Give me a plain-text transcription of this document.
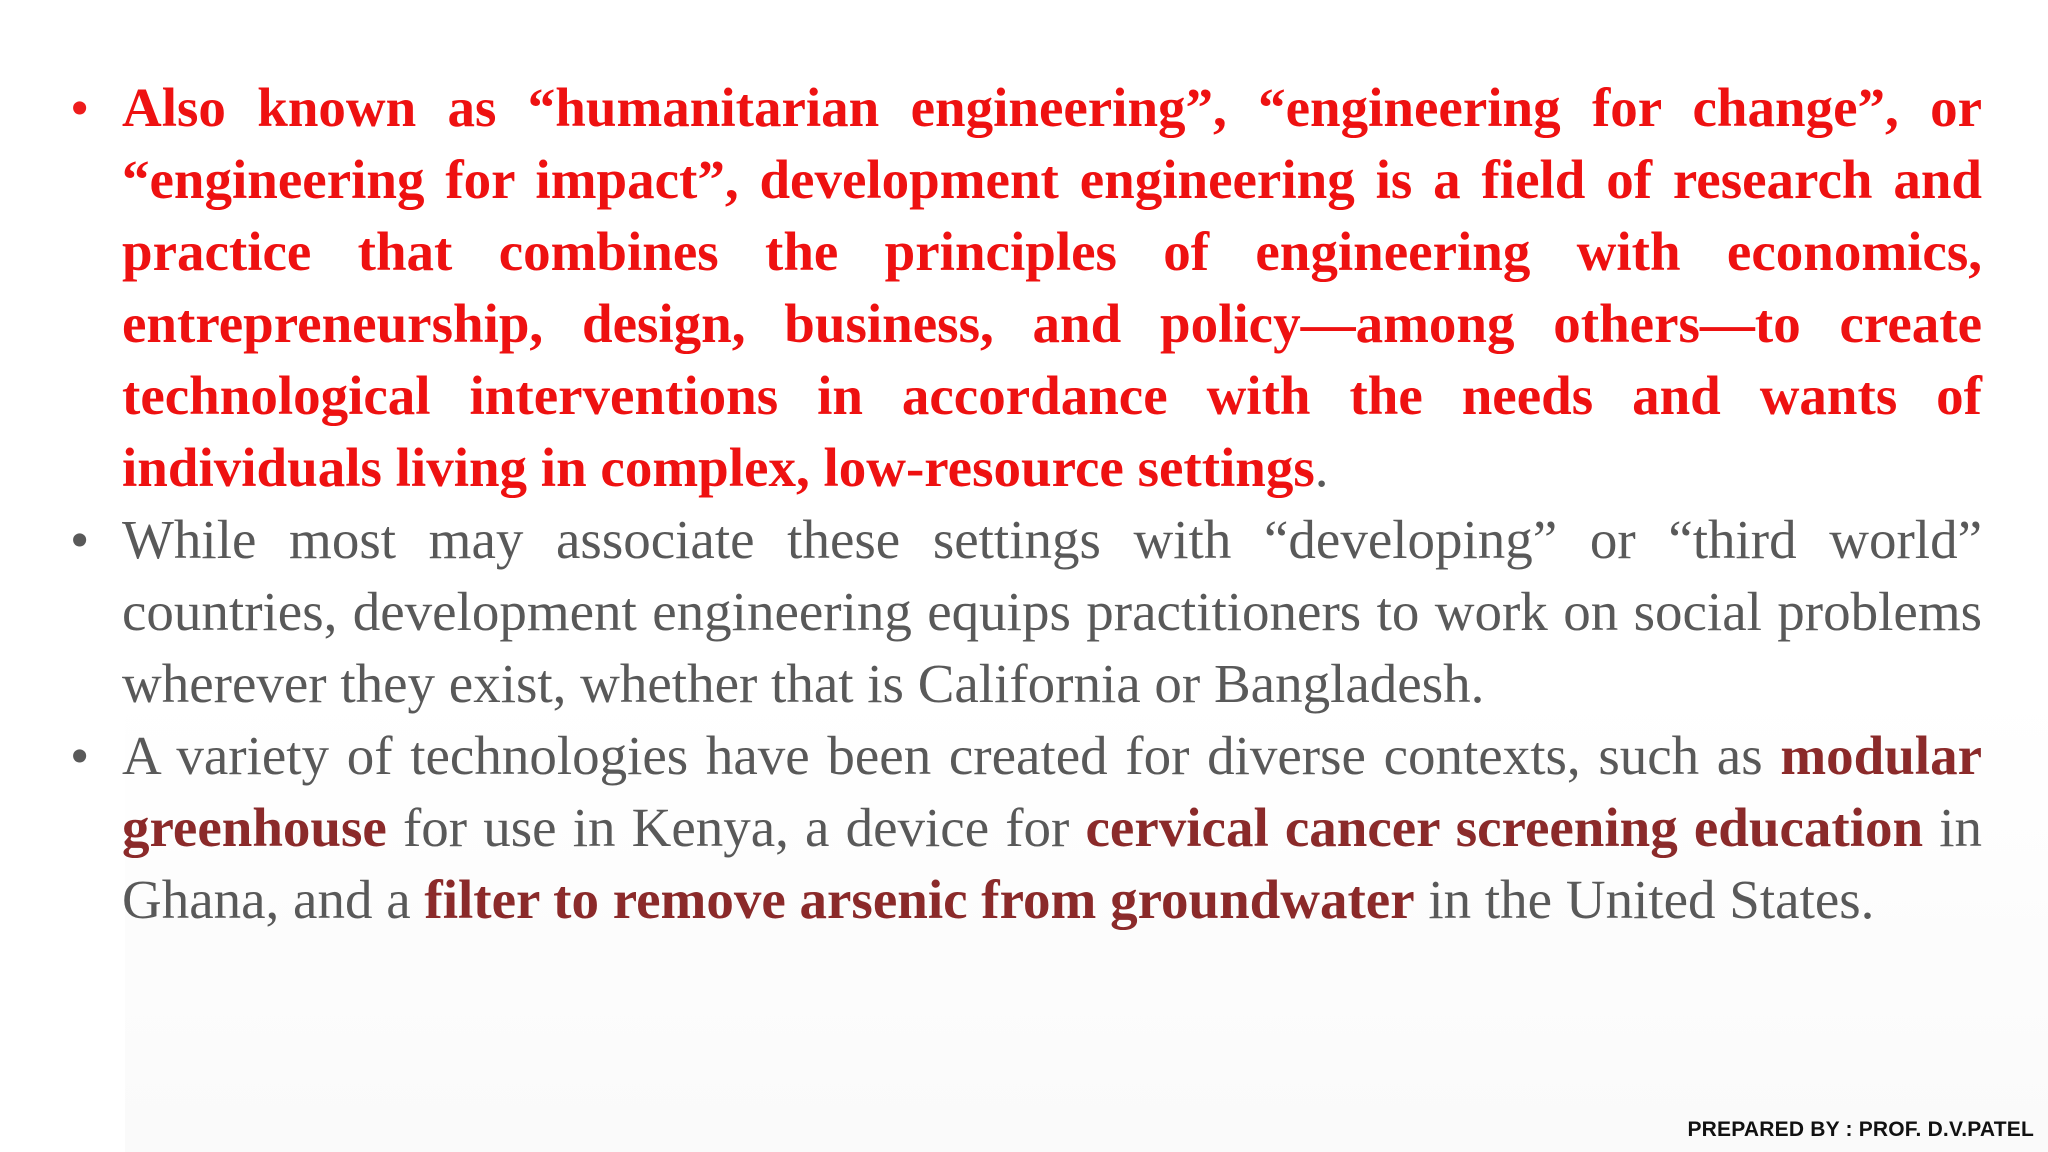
• Also known as “humanitarian engineering”, “engineering for change”, or “engineering for impact”, development engineering is a field of research and practice that combines the principles of engineering with economics, entrepreneurship, design, business, and policy—among others—to create technological interventions in accordance with the needs and wants of individuals living in complex, low-resource settings.
• While most may associate these settings with “developing” or “third world” countries, development engineering equips practitioners to work on social problems wherever they exist, whether that is California or Bangladesh.
• A variety of technologies have been created for diverse contexts, such as modular greenhouse for use in Kenya, a device for cervical cancer screening education in Ghana, and a filter to remove arsenic from groundwater in the United States.
PREPARED BY : PROF. D.V.PATEL
